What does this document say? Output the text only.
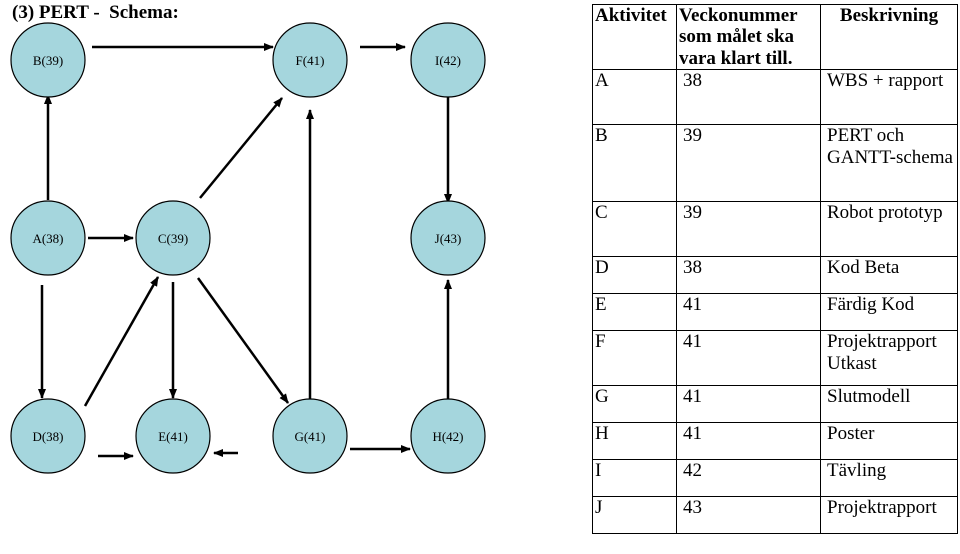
(3) PERT -  Schema:
B(39)	F(41)	I(42)
A(38)	C(39)	J(43)
D(38)	E(41)	G(41)	H(42)
Aktivitet	Veckonummer som målet ska vara klart till.	Beskrivning
A	38	WBS + rapport
B	39	PERT och GANTT-schema
C	39	Robot prototyp
D	38	Kod Beta
E	41	Färdig Kod
F	41	Projektrapport Utkast
G	41	Slutmodell
H	41	Poster
I	42	Tävling
J	43	Projektrapport
